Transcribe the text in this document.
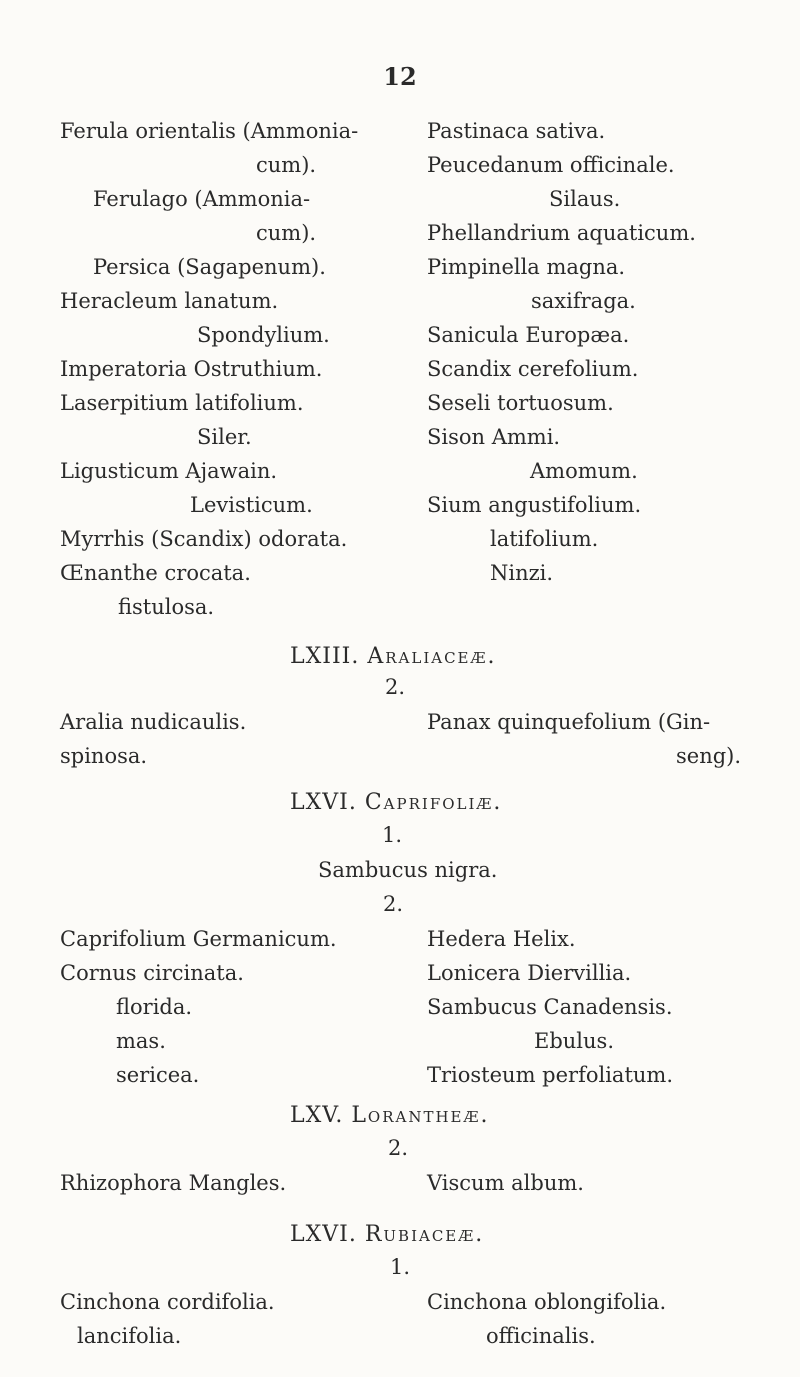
12
Ferula orientalis (Ammonia-
cum).
Ferulago (Ammonia-
cum).
Persica (Sagapenum).
Heracleum lanatum.
Spondylium.
Imperatoria Ostruthium.
Laserpitium latifolium.
Siler.
Ligusticum Ajawain.
Levisticum.
Myrrhis (Scandix) odorata.
Œnanthe crocata.
fistulosa.
Pastinaca sativa.
Peucedanum officinale.
Silaus.
Phellandrium aquaticum.
Pimpinella magna.
saxifraga.
Sanicula Europæa.
Scandix cerefolium.
Seseli tortuosum.
Sison Ammi.
Amomum.
Sium angustifolium.
latifolium.
Ninzi.
LXIII. Araliaceæ.
2.
Aralia nudicaulis.
spinosa.
Panax quinquefolium (Gin-
seng).
LXVI. Caprifoliæ.
1.
Sambucus nigra.
2.
Caprifolium Germanicum.
Cornus circinata.
florida.
mas.
sericea.
Hedera Helix.
Lonicera Diervillia.
Sambucus Canadensis.
Ebulus.
Triosteum perfoliatum.
LXV. Loranthеæ.
2.
Rhizophora Mangles.	Viscum album.
LXVI. Rubiaceæ.
1.
Cinchona cordifolia.
lancifolia.
Cinchona oblongifolia.
officinalis.
